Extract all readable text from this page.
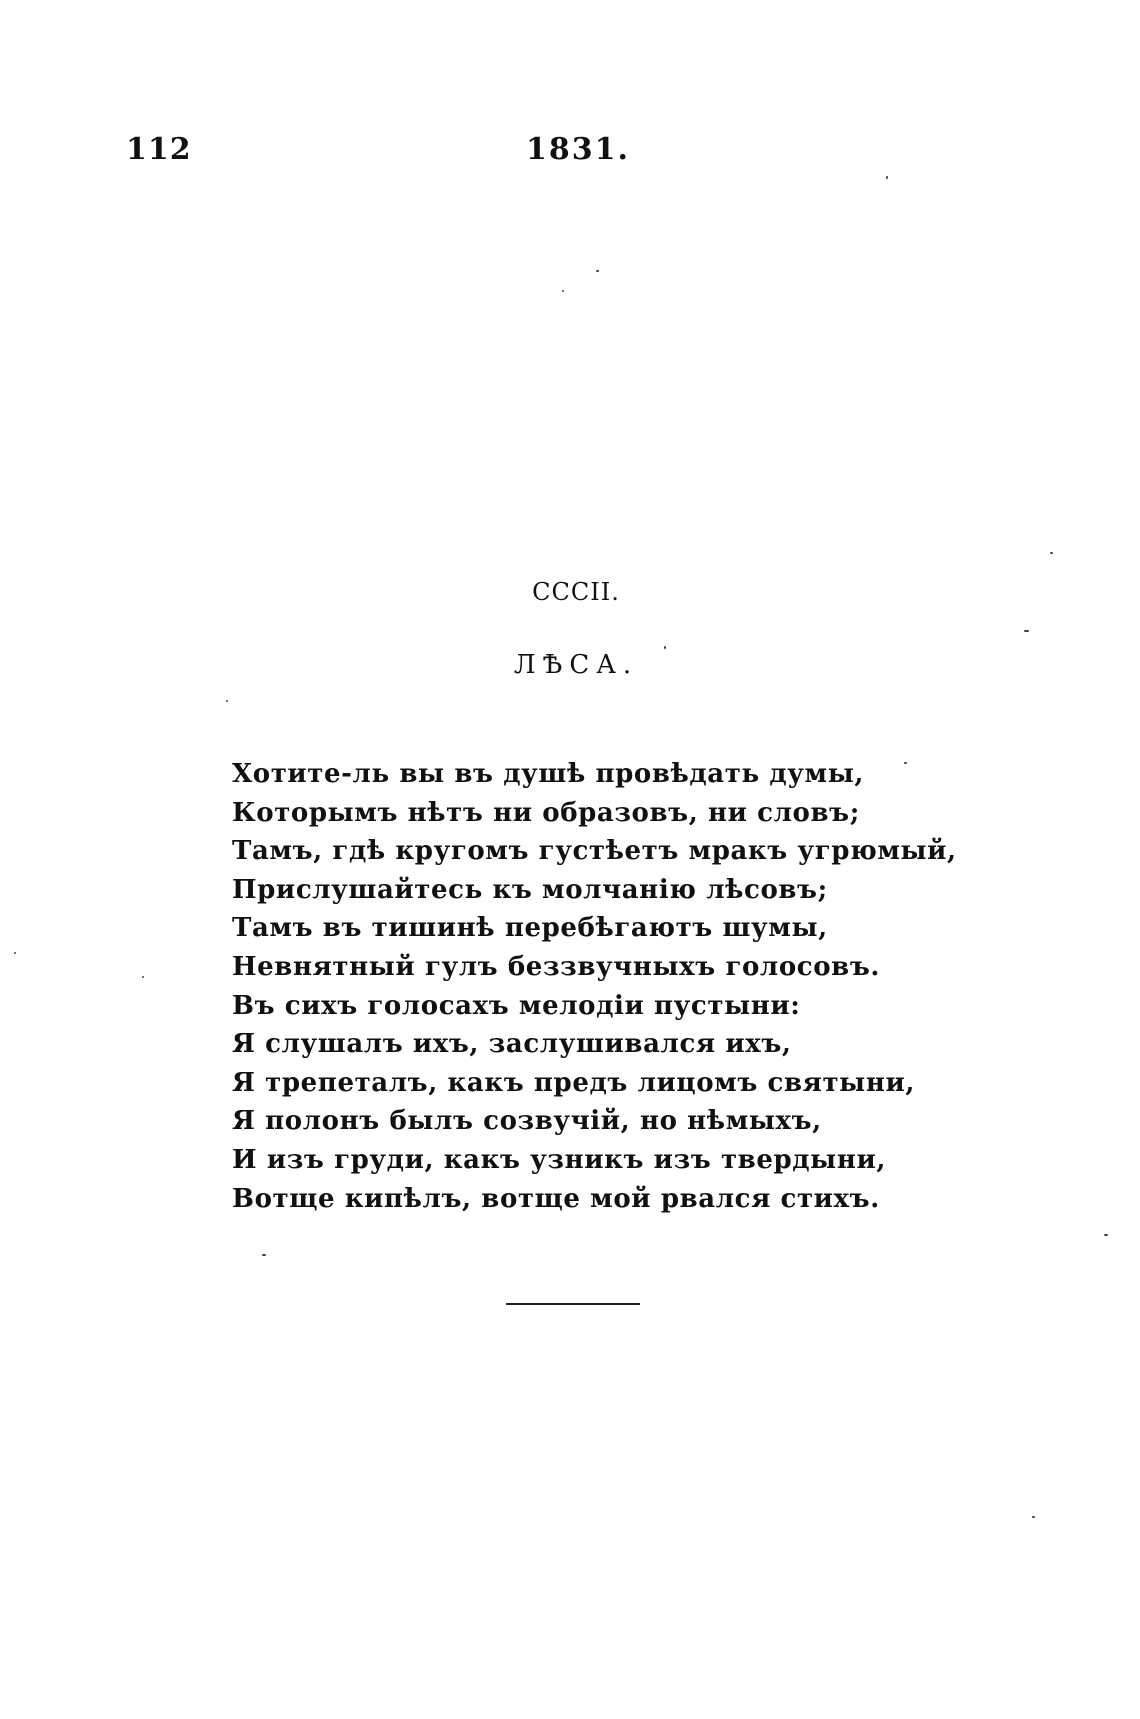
112	1831.
CCCII.
ЛѢСА.
Хотите-ль вы въ душѣ провѣдать думы,
Которымъ нѣтъ ни образовъ, ни словъ;
Тамъ, гдѣ кругомъ густѣетъ мракъ угрюмый,
Прислушайтесь къ молчанію лѣсовъ;
Тамъ въ тишинѣ перебѣгаютъ шумы,
Невнятный гулъ беззвучныхъ голосовъ.
Въ сихъ голосахъ мелодіи пустыни:
Я слушалъ ихъ, заслушивался ихъ,
Я трепеталъ, какъ предъ лицомъ святыни,
Я полонъ былъ созвучій, но нѣмыхъ,
И изъ груди, какъ узникъ изъ твердыни,
Вотще кипѣлъ, вотще мой рвался стихъ.
